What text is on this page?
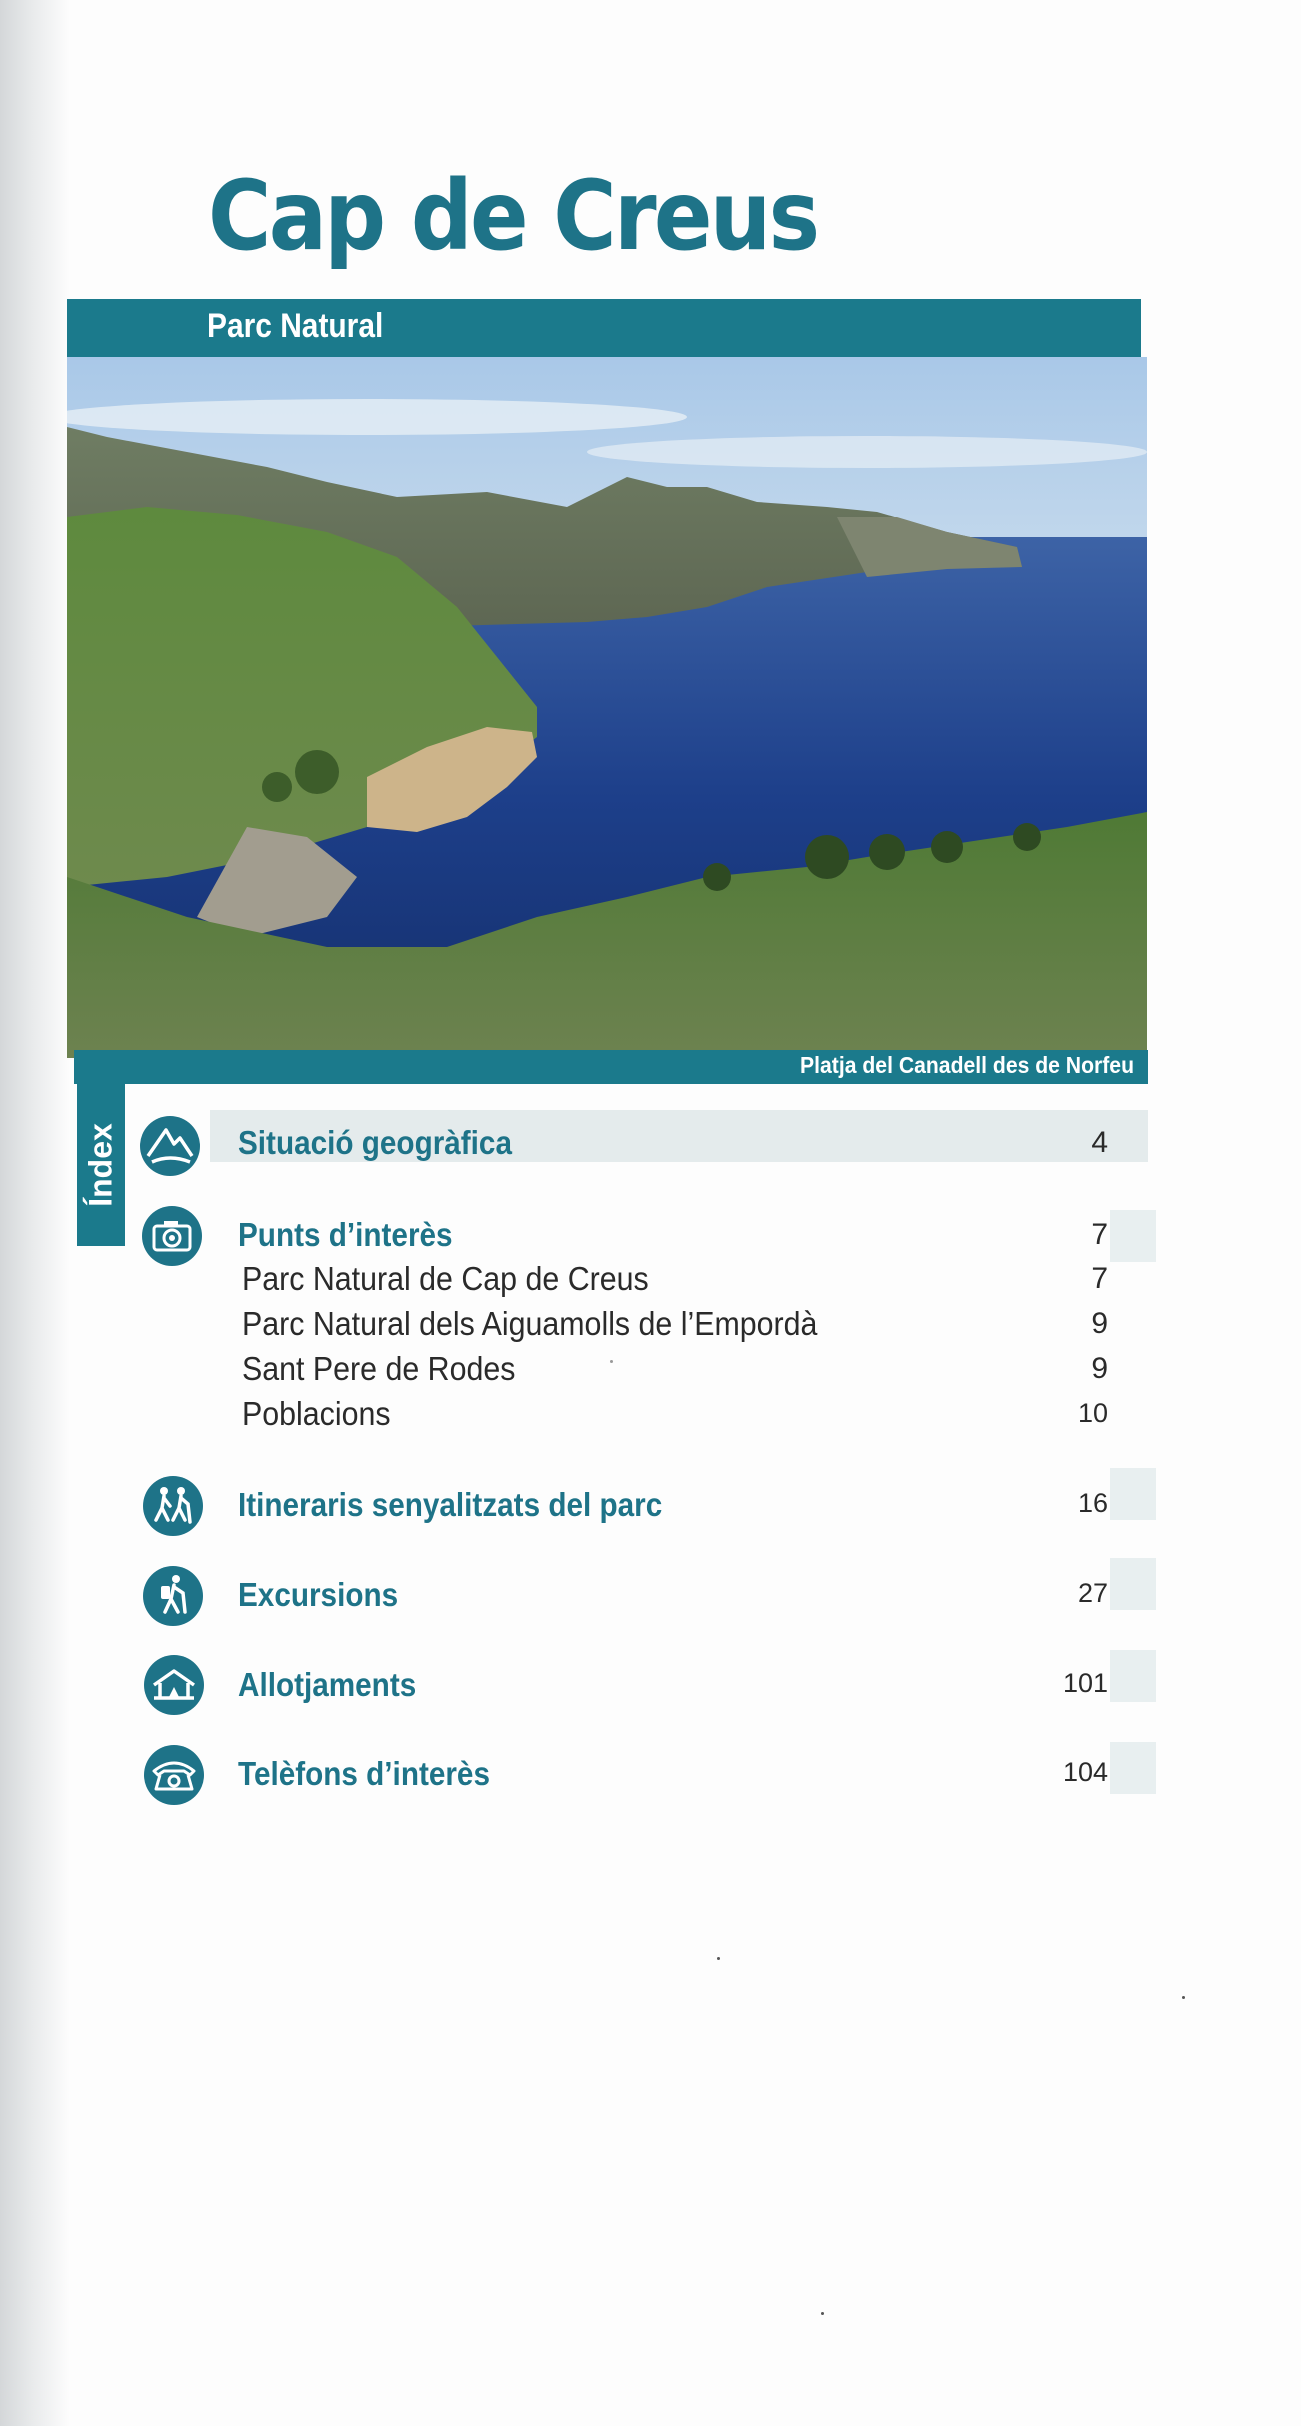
Cap de Creus
Parc Natural
Platja del Canadell des de Norfeu
Índex	Situació geogràfica	4
Punts d’interès	7
Parc Natural de Cap de Creus	7
Parc Natural dels Aiguamolls de l’Empordà	9
Sant Pere de Rodes	9
Poblacions	10
Itineraris senyalitzats del parc	16
Excursions	27
Allotjaments	101
Telèfons d’interès	104
